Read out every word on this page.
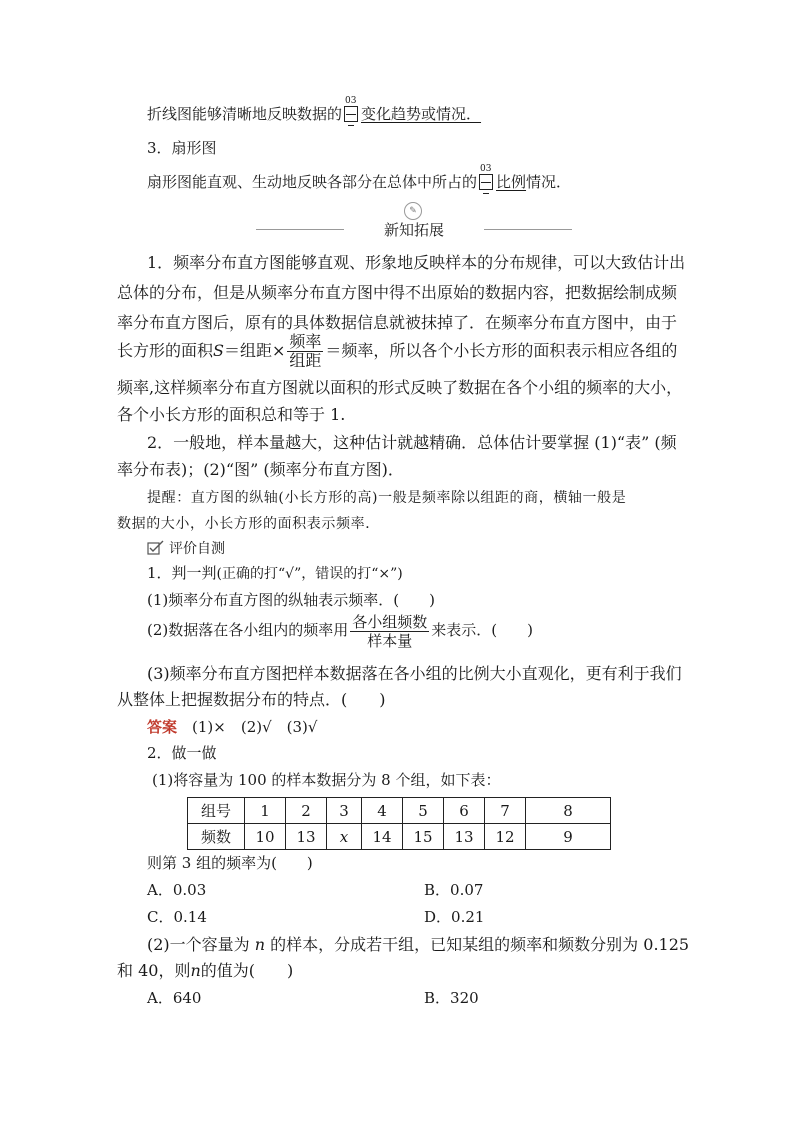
折线图能够清晰地反映数据的
03
变化趋势或情况．
3．扇形图
扇形图能直观、生动地反映各部分在总体中所占的
03
比例情况．
✎
新知拓展
1．频率分布直方图能够直观、形象地反映样本的分布规律，可以大致估计出
总体的分布，但是从频率分布直方图中得不出原始的数据内容，把数据绘制成频
率分布直方图后，原有的具体数据信息就被抹掉了．在频率分布直方图中，由于
长方形的面积S＝组距× $\frac{\text{频率}}{\text{组距}}$ ＝频率，所以各个小长方形的面积表示相应各组的
频率,这样频率分布直方图就以面积的形式反映了数据在各个小组的频率的大小，
各个小长方形的面积总和等于 1.
2．一般地，样本量越大，这种估计就越精确．总体估计要掌握 (1)“表” (频
率分布表)；(2)“图” (频率分布直方图)．
提醒：直方图的纵轴(小长方形的高)一般是频率除以组距的商，横轴一般是
数据的大小，小长方形的面积表示频率．
评价自测
1．判一判(正确的打“√”，错误的打“×”)
(1)频率分布直方图的纵轴表示频率．(　　)
(2)数据落在各小组内的频率用 $\frac{\text{各小组频数}}{\text{样本量}}$ 来表示．(　　)
(3)频率分布直方图把样本数据落在各小组的比例大小直观化，更有利于我们
从整体上把握数据分布的特点．(　　)
答案　 (1)×　(2)√　(3)√
2．做一做
(1)将容量为 100 的样本数据分为 8 个组，如下表：
组号	1	2	3	4	5	6	7	8
频数	10	13	x	14	15	13	12	9
则第 3 组的频率为(　　)
A．0.03	B．0.07
C．0.14	D．0.21
(2)一个容量为 n 的样本，分成若干组，已知某组的频率和频数分别为 0.125
和 40，则n的值为(　　)
A．640	B．320
